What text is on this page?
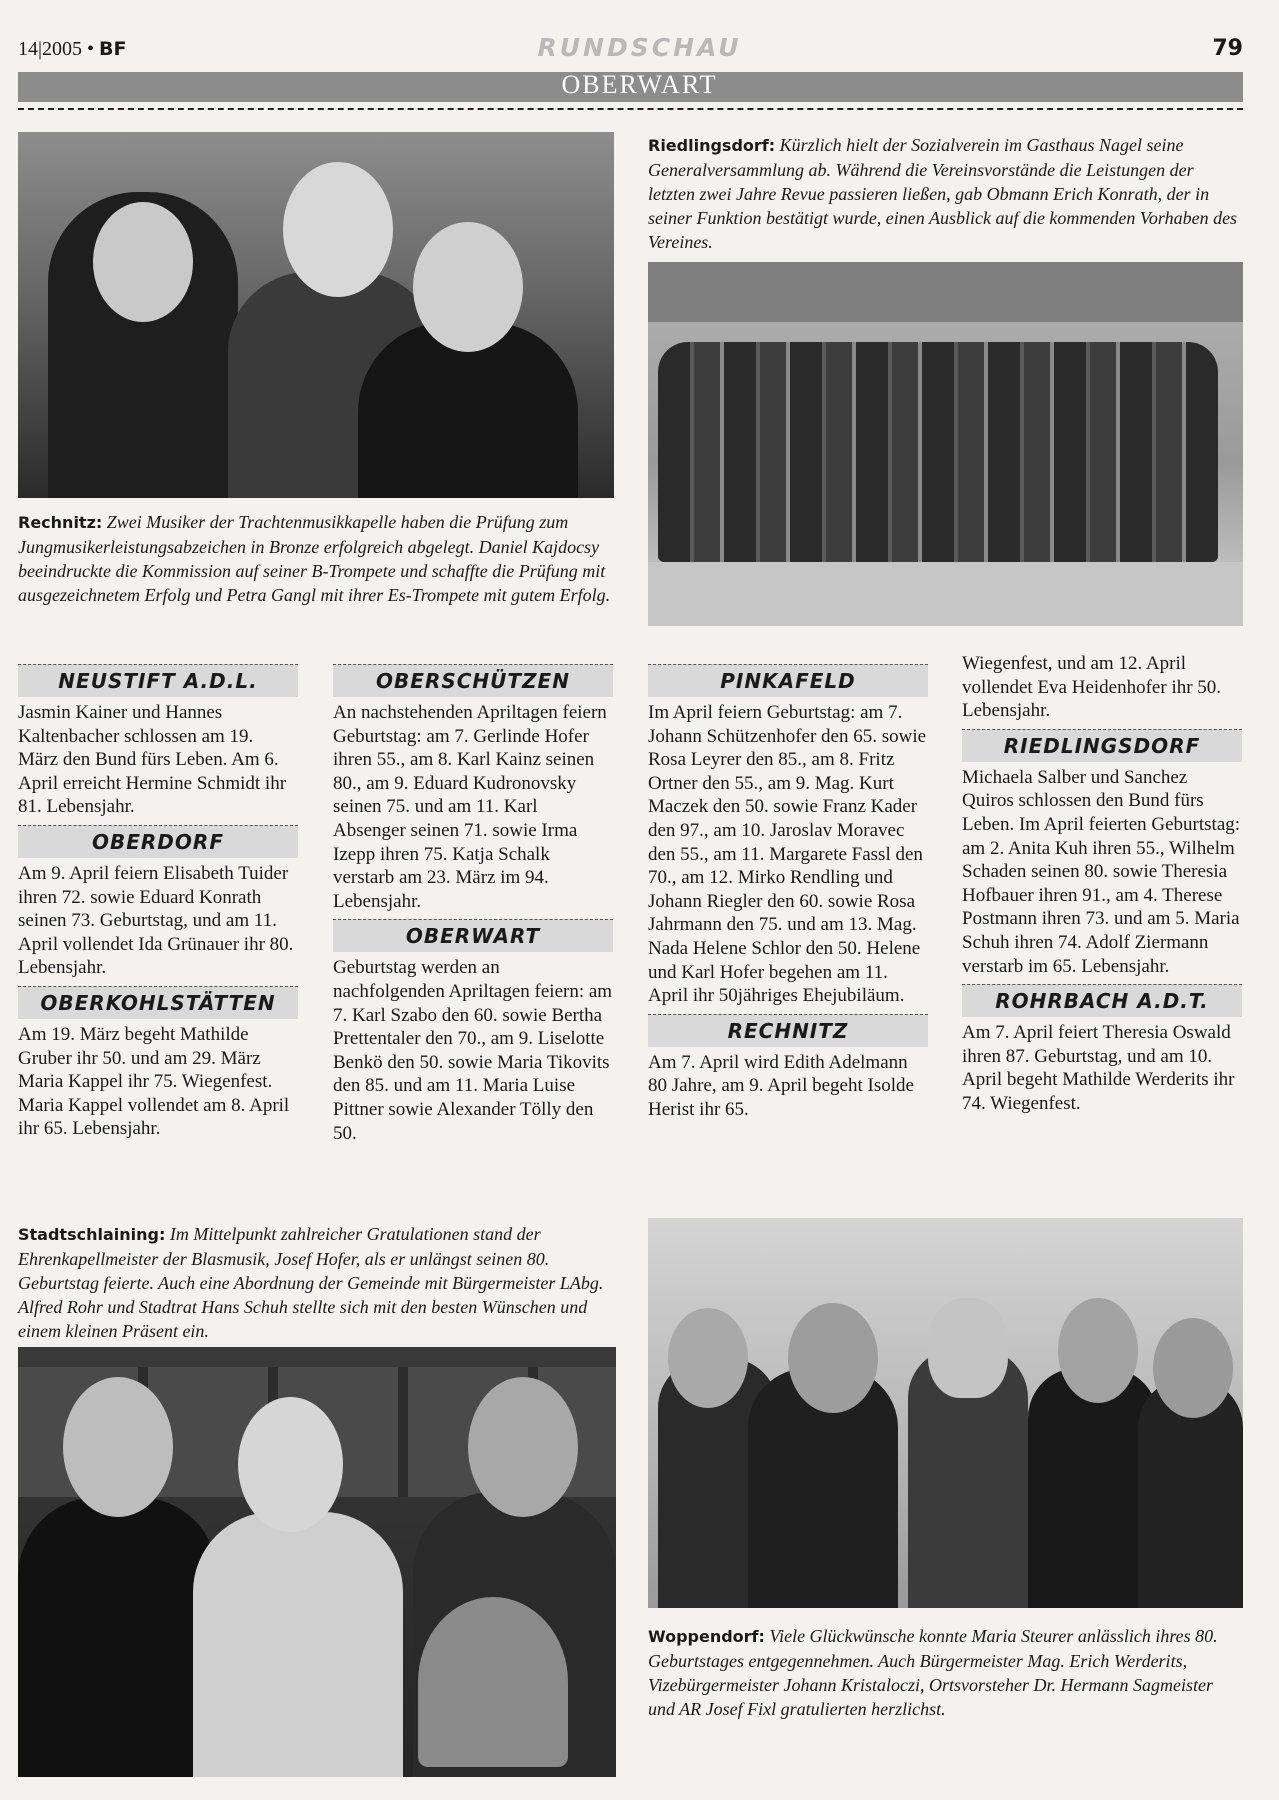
14|2005 • BF	RUNDSCHAU	79
OBERWART
Rechnitz: Zwei Musiker der Trachtenmusikkapelle haben die Prüfung zum Jungmusikerleistungsabzeichen in Bronze erfolgreich abgelegt. Daniel Kajdocsy beeindruckte die Kommission auf seiner B-Trompete und schaffte die Prüfung mit ausgezeichnetem Erfolg und Petra Gangl mit ihrer Es-Trompete mit gutem Erfolg.
Riedlingsdorf: Kürzlich hielt der Sozialverein im Gasthaus Nagel seine Generalversammlung ab. Während die Vereinsvorstände die Leistungen der letzten zwei Jahre Revue passieren ließen, gab Obmann Erich Konrath, der in seiner Funktion bestätigt wurde, einen Ausblick auf die kommenden Vorhaben des Vereines.
NEUSTIFT A.D.L.
Jasmin Kainer und Hannes Kaltenbacher schlossen am 19. März den Bund fürs Leben. Am 6. April erreicht Hermine Schmidt ihr 81. Lebensjahr.
OBERDORF
Am 9. April feiern Elisabeth Tuider ihren 72. sowie Eduard Konrath seinen 73. Geburtstag, und am 11. April vollendet Ida Grünauer ihr 80. Lebensjahr.
OBERKOHLSTÄTTEN
Am 19. März begeht Mathilde Gruber ihr 50. und am 29. März Maria Kappel ihr 75. Wiegenfest. Maria Kappel vollendet am 8. April ihr 65. Lebensjahr.
OBERSCHÜTZEN
An nachstehenden Apriltagen feiern Geburtstag: am 7. Gerlinde Hofer ihren 55., am 8. Karl Kainz seinen 80., am 9. Eduard Kudronovsky seinen 75. und am 11. Karl Absenger seinen 71. sowie Irma Izepp ihren 75. Katja Schalk verstarb am 23. März im 94. Lebensjahr.
OBERWART
Geburtstag werden an nachfolgenden Apriltagen feiern: am 7. Karl Szabo den 60. sowie Bertha Prettentaler den 70., am 9. Liselotte Benkö den 50. sowie Maria Tikovits den 85. und am 11. Maria Luise Pittner sowie Alexander Tölly den 50.
PINKAFELD
Im April feiern Geburtstag: am 7. Johann Schützenhofer den 65. sowie Rosa Leyrer den 85., am 8. Fritz Ortner den 55., am 9. Mag. Kurt Maczek den 50. sowie Franz Kader den 97., am 10. Jaroslav Moravec den 55., am 11. Margarete Fassl den 70., am 12. Mirko Rendling und Johann Riegler den 60. sowie Rosa Jahrmann den 75. und am 13. Mag. Nada Helene Schlor den 50. Helene und Karl Hofer begehen am 11. April ihr 50jähriges Ehejubiläum.
RECHNITZ
Am 7. April wird Edith Adelmann 80 Jahre, am 9. April begeht Isolde Herist ihr 65.
Wiegenfest, und am 12. April vollendet Eva Heidenhofer ihr 50. Lebensjahr.
RIEDLINGSDORF
Michaela Salber und Sanchez Quiros schlossen den Bund fürs Leben. Im April feierten Geburtstag: am 2. Anita Kuh ihren 55., Wilhelm Schaden seinen 80. sowie Theresia Hofbauer ihren 91., am 4. Therese Postmann ihren 73. und am 5. Maria Schuh ihren 74. Adolf Ziermann verstarb im 65. Lebensjahr.
ROHRBACH A.D.T.
Am 7. April feiert Theresia Oswald ihren 87. Geburtstag, und am 10. April begeht Mathilde Werderits ihr 74. Wiegenfest.
Stadtschlaining: Im Mittelpunkt zahlreicher Gratulationen stand der Ehrenkapellmeister der Blasmusik, Josef Hofer, als er unlängst seinen 80. Geburtstag feierte. Auch eine Abordnung der Gemeinde mit Bürgermeister LAbg. Alfred Rohr und Stadtrat Hans Schuh stellte sich mit den besten Wünschen und einem kleinen Präsent ein.
Woppendorf: Viele Glückwünsche konnte Maria Steurer anlässlich ihres 80. Geburtstages entgegennehmen. Auch Bürgermeister Mag. Erich Werderits, Vizebürgermeister Johann Kristaloczi, Ortsvorsteher Dr. Hermann Sagmeister und AR Josef Fixl gratulierten herzlichst.
